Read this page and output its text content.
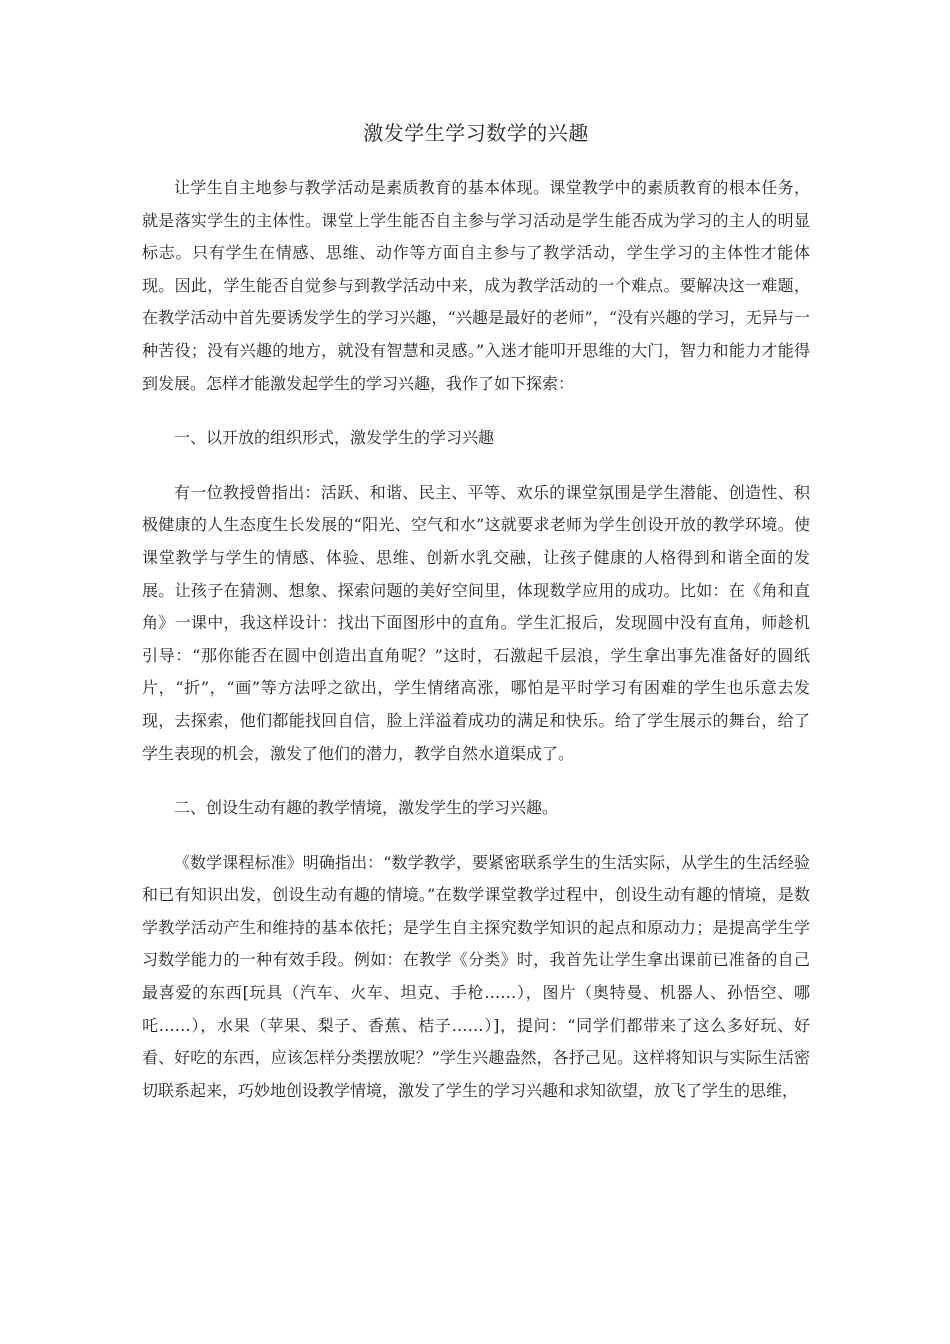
激发学生学习数学的兴趣

让学生自主地参与教学活动是素质教育的基本体现。课堂教学中的素质教育的根本任务，就是落实学生的主体性。课堂上学生能否自主参与学习活动是学生能否成为学习的主人的明显标志。只有学生在情感、思维、动作等方面自主参与了教学活动，学生学习的主体性才能体现。因此，学生能否自觉参与到教学活动中来，成为教学活动的一个难点。要解决这一难题，在教学活动中首先要诱发学生的学习兴趣，“兴趣是最好的老师”，“没有兴趣的学习，无异与一种苦役；没有兴趣的地方，就没有智慧和灵感。”入迷才能叩开思维的大门，智力和能力才能得到发展。怎样才能激发起学生的学习兴趣，我作了如下探索：

一、以开放的组织形式，激发学生的学习兴趣

有一位教授曾指出：活跃、和谐、民主、平等、欢乐的课堂氛围是学生潜能、创造性、积极健康的人生态度生长发展的“阳光、空气和水”这就要求老师为学生创设开放的教学环境。使课堂教学与学生的情感、体验、思维、创新水乳交融，让孩子健康的人格得到和谐全面的发展。让孩子在猜测、想象、探索问题的美好空间里，体现数学应用的成功。比如：在《角和直角》一课中，我这样设计：找出下面图形中的直角。学生汇报后，发现圆中没有直角，师趁机引导：“那你能否在圆中创造出直角呢？”这时，石激起千层浪，学生拿出事先准备好的圆纸片，“折”，“画”等方法呼之欲出，学生情绪高涨，哪怕是平时学习有困难的学生也乐意去发现，去探索，他们都能找回自信，脸上洋溢着成功的满足和快乐。给了学生展示的舞台，给了学生表现的机会，激发了他们的潜力，教学自然水道渠成了。

二、创设生动有趣的教学情境，激发学生的学习兴趣。

《数学课程标准》明确指出：“数学教学，要紧密联系学生的生活实际，从学生的生活经验和已有知识出发，创设生动有趣的情境。”在数学课堂教学过程中，创设生动有趣的情境，是数学教学活动产生和维持的基本依托；是学生自主探究数学知识的起点和原动力；是提高学生学习数学能力的一种有效手段。例如：在教学《分类》时，我首先让学生拿出课前已准备的自己最喜爱的东西[玩具（汽车、火车、坦克、手枪……），图片（奥特曼、机器人、孙悟空、哪吒……），水果（苹果、梨子、香蕉、桔子……）]，提问：“同学们都带来了这么多好玩、好看、好吃的东西，应该怎样分类摆放呢？”学生兴趣盎然，各抒己见。这样将知识与实际生活密切联系起来，巧妙地创设教学情境，激发了学生的学习兴趣和求知欲望，放飞了学生的思维，
